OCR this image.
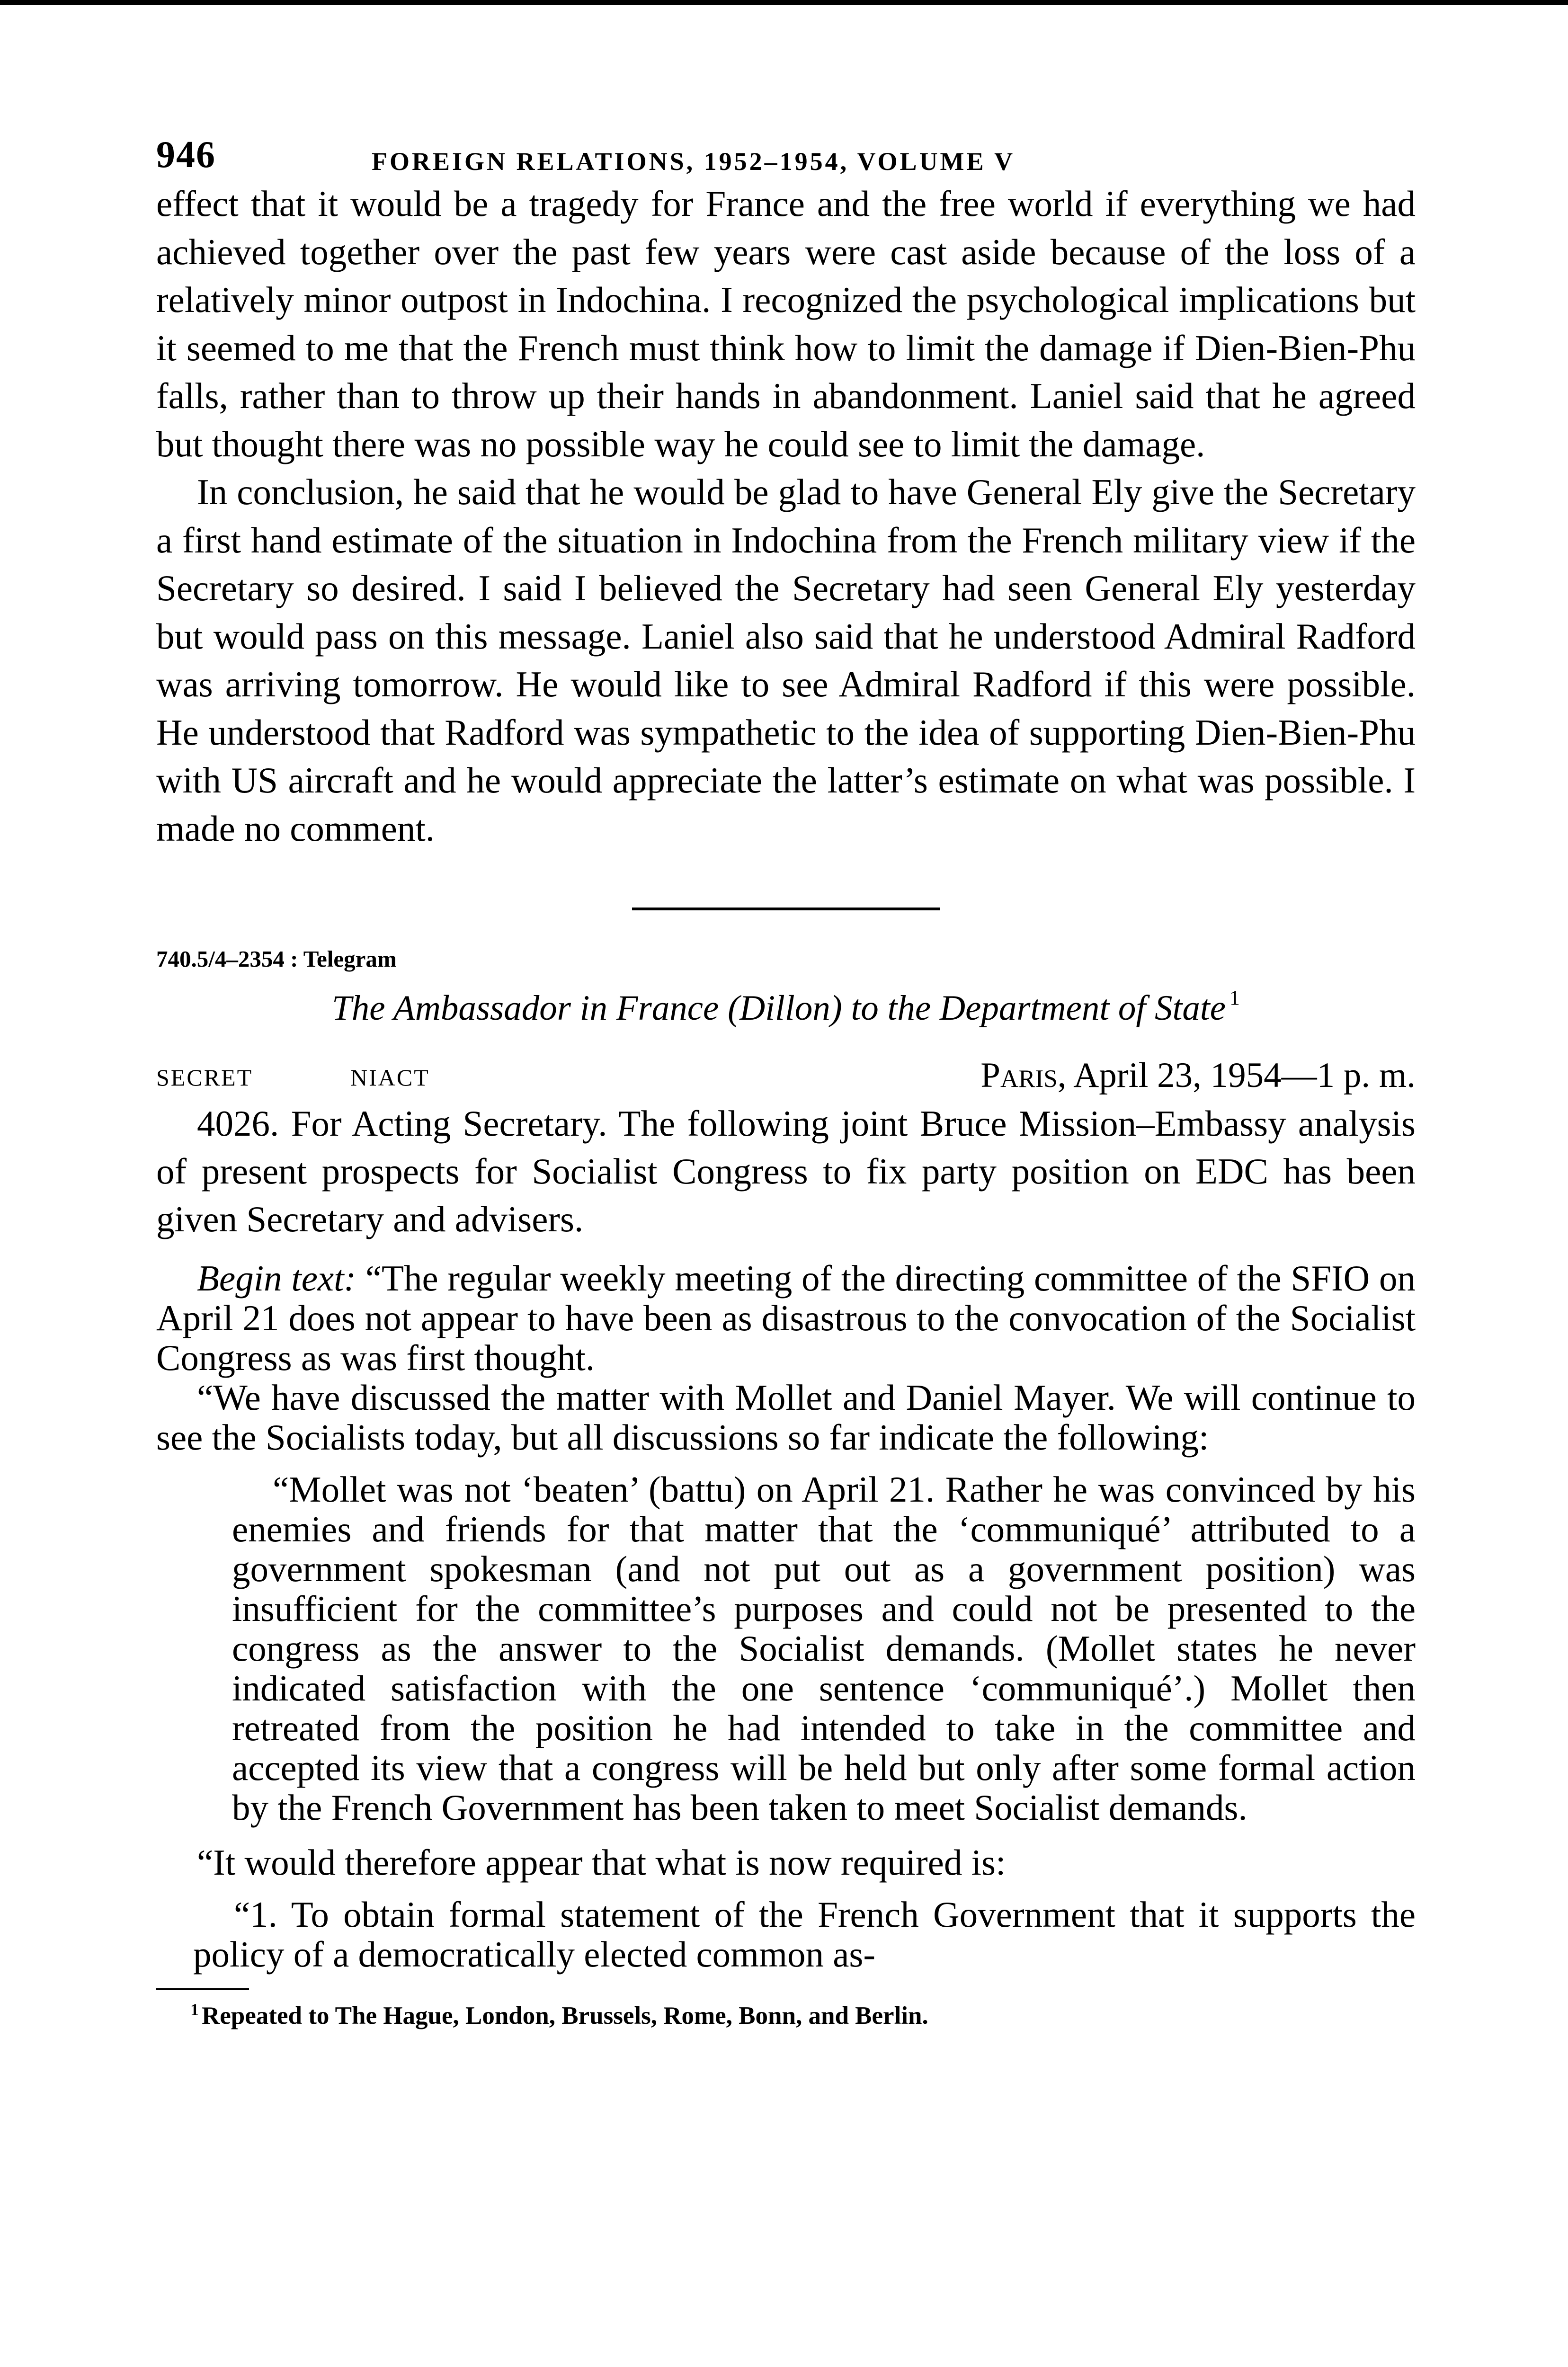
946	FOREIGN RELATIONS, 1952–1954, VOLUME V

effect that it would be a tragedy for France and the free world if everything we had achieved together over the past few years were cast aside because of the loss of a relatively minor outpost in Indochina. I recognized the psychological implications but it seemed to me that the French must think how to limit the damage if Dien-Bien-Phu falls, rather than to throw up their hands in abandonment. Laniel said that he agreed but thought there was no possible way he could see to limit the damage.

In conclusion, he said that he would be glad to have General Ely give the Secretary a first hand estimate of the situation in Indochina from the French military view if the Secretary so desired. I said I believed the Secretary had seen General Ely yesterday but would pass on this message. Laniel also said that he understood Admiral Radford was arriving tomorrow. He would like to see Admiral Radford if this were possible. He understood that Radford was sympathetic to the idea of supporting Dien-Bien-Phu with US aircraft and he would appreciate the latter’s estimate on what was possible. I made no comment.

740.5/4–2354 : Telegram
The Ambassador in France (Dillon) to the Department of State $^1$
SECRET	NIACT	Paris, April 23, 1954—1 p. m.

4026. For Acting Secretary. The following joint Bruce Mission–Embassy analysis of present prospects for Socialist Congress to fix party position on EDC has been given Secretary and advisers.

Begin text: “The regular weekly meeting of the directing committee of the SFIO on April 21 does not appear to have been as disastrous to the convocation of the Socialist Congress as was first thought.

“We have discussed the matter with Mollet and Daniel Mayer. We will continue to see the Socialists today, but all discussions so far indicate the following:

“Mollet was not ‘beaten’ (battu) on April 21. Rather he was convinced by his enemies and friends for that matter that the ‘communiqué’ attributed to a government spokesman (and not put out as a government position) was insufficient for the committee’s purposes and could not be presented to the congress as the answer to the Socialist demands. (Mollet states he never indicated satisfaction with the one sentence ‘communiqué’.) Mollet then retreated from the position he had intended to take in the committee and accepted its view that a congress will be held but only after some formal action by the French Government has been taken to meet Socialist demands.

“It would therefore appear that what is now required is:

“1. To obtain formal statement of the French Government that it supports the policy of a democratically elected common as-

$^1$ Repeated to The Hague, London, Brussels, Rome, Bonn, and Berlin.
